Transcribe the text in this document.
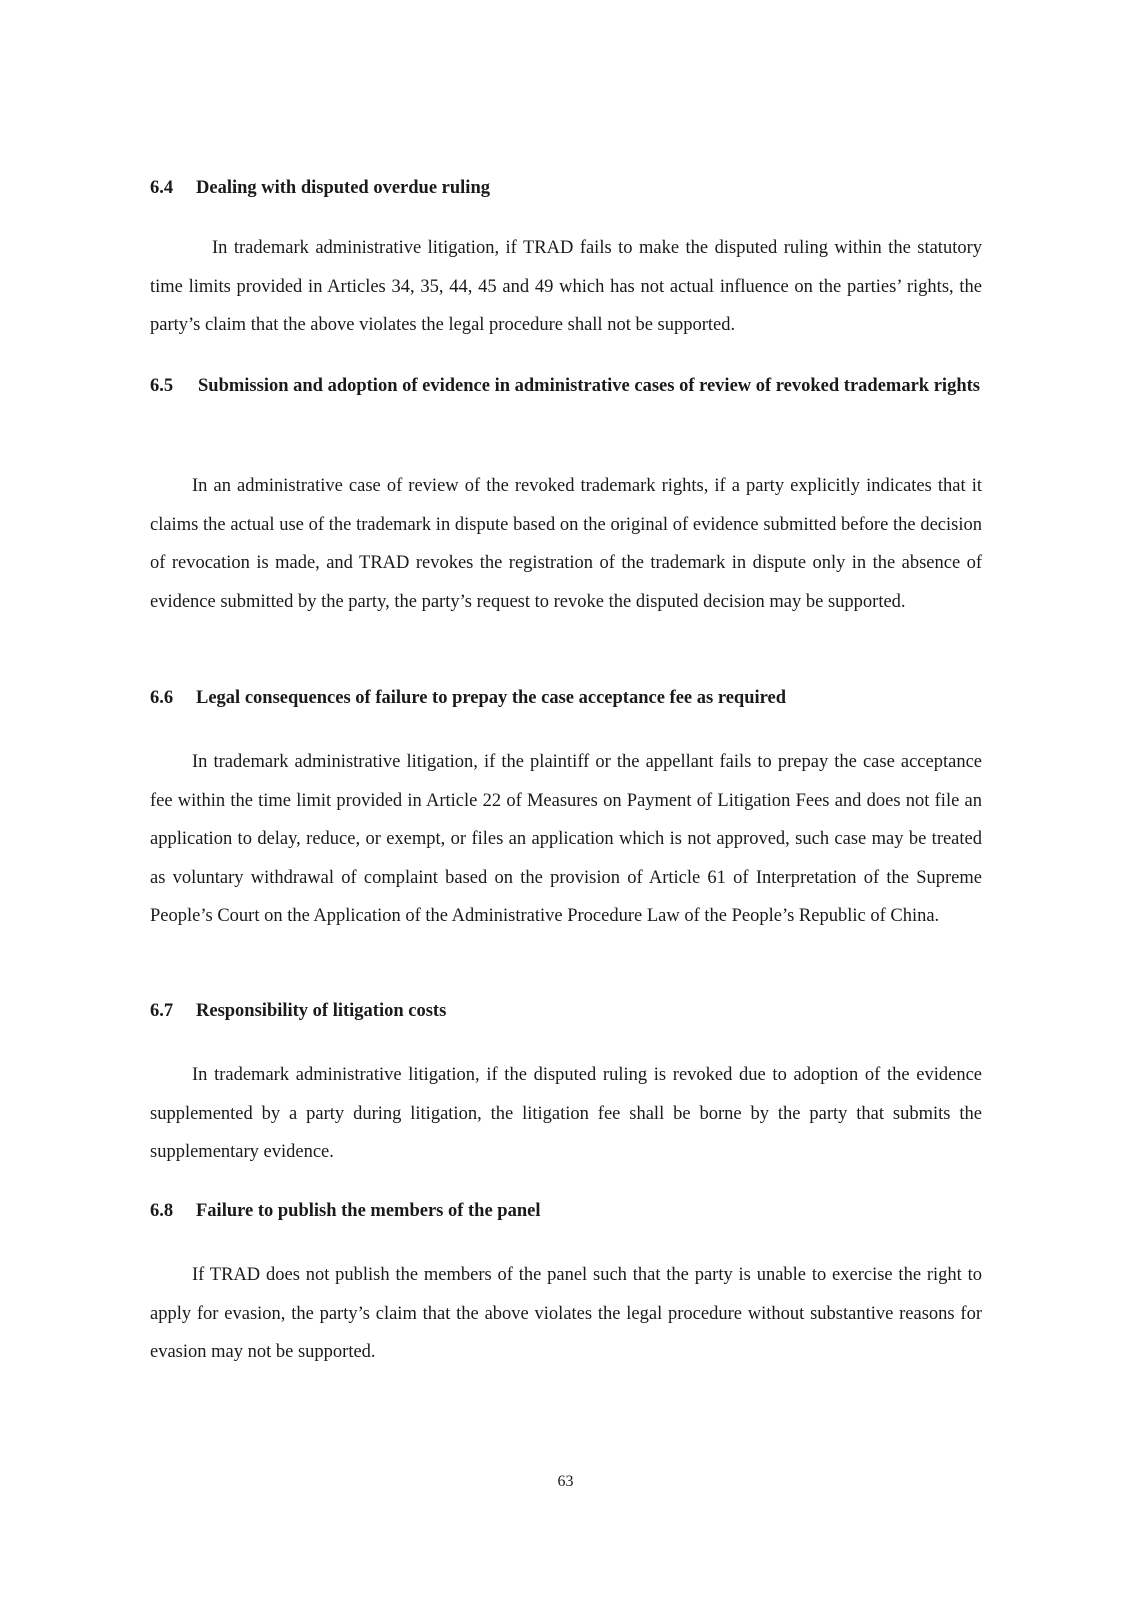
6.4 Dealing with disputed overdue ruling

In trademark administrative litigation, if TRAD fails to make the disputed ruling within the statutory time limits provided in Articles 34, 35, 44, 45 and 49 which has not actual influence on the parties’ rights, the party’s claim that the above violates the legal procedure shall not be supported.

6.5 Submission and adoption of evidence in administrative cases of review of revoked trademark rights

In an administrative case of review of the revoked trademark rights, if a party explicitly indicates that it claims the actual use of the trademark in dispute based on the original of evidence submitted before the decision of revocation is made, and TRAD revokes the registration of the trademark in dispute only in the absence of evidence submitted by the party, the party’s request to revoke the disputed decision may be supported.

6.6 Legal consequences of failure to prepay the case acceptance fee as required

In trademark administrative litigation, if the plaintiff or the appellant fails to prepay the case acceptance fee within the time limit provided in Article 22 of Measures on Payment of Litigation Fees and does not file an application to delay, reduce, or exempt, or files an application which is not approved, such case may be treated as voluntary withdrawal of complaint based on the provision of Article 61 of Interpretation of the Supreme People’s Court on the Application of the Administrative Procedure Law of the People’s Republic of China.

6.7 Responsibility of litigation costs

In trademark administrative litigation, if the disputed ruling is revoked due to adoption of the evidence supplemented by a party during litigation, the litigation fee shall be borne by the party that submits the supplementary evidence.

6.8 Failure to publish the members of the panel

If TRAD does not publish the members of the panel such that the party is unable to exercise the right to apply for evasion, the party’s claim that the above violates the legal procedure without substantive reasons for evasion may not be supported.

63
